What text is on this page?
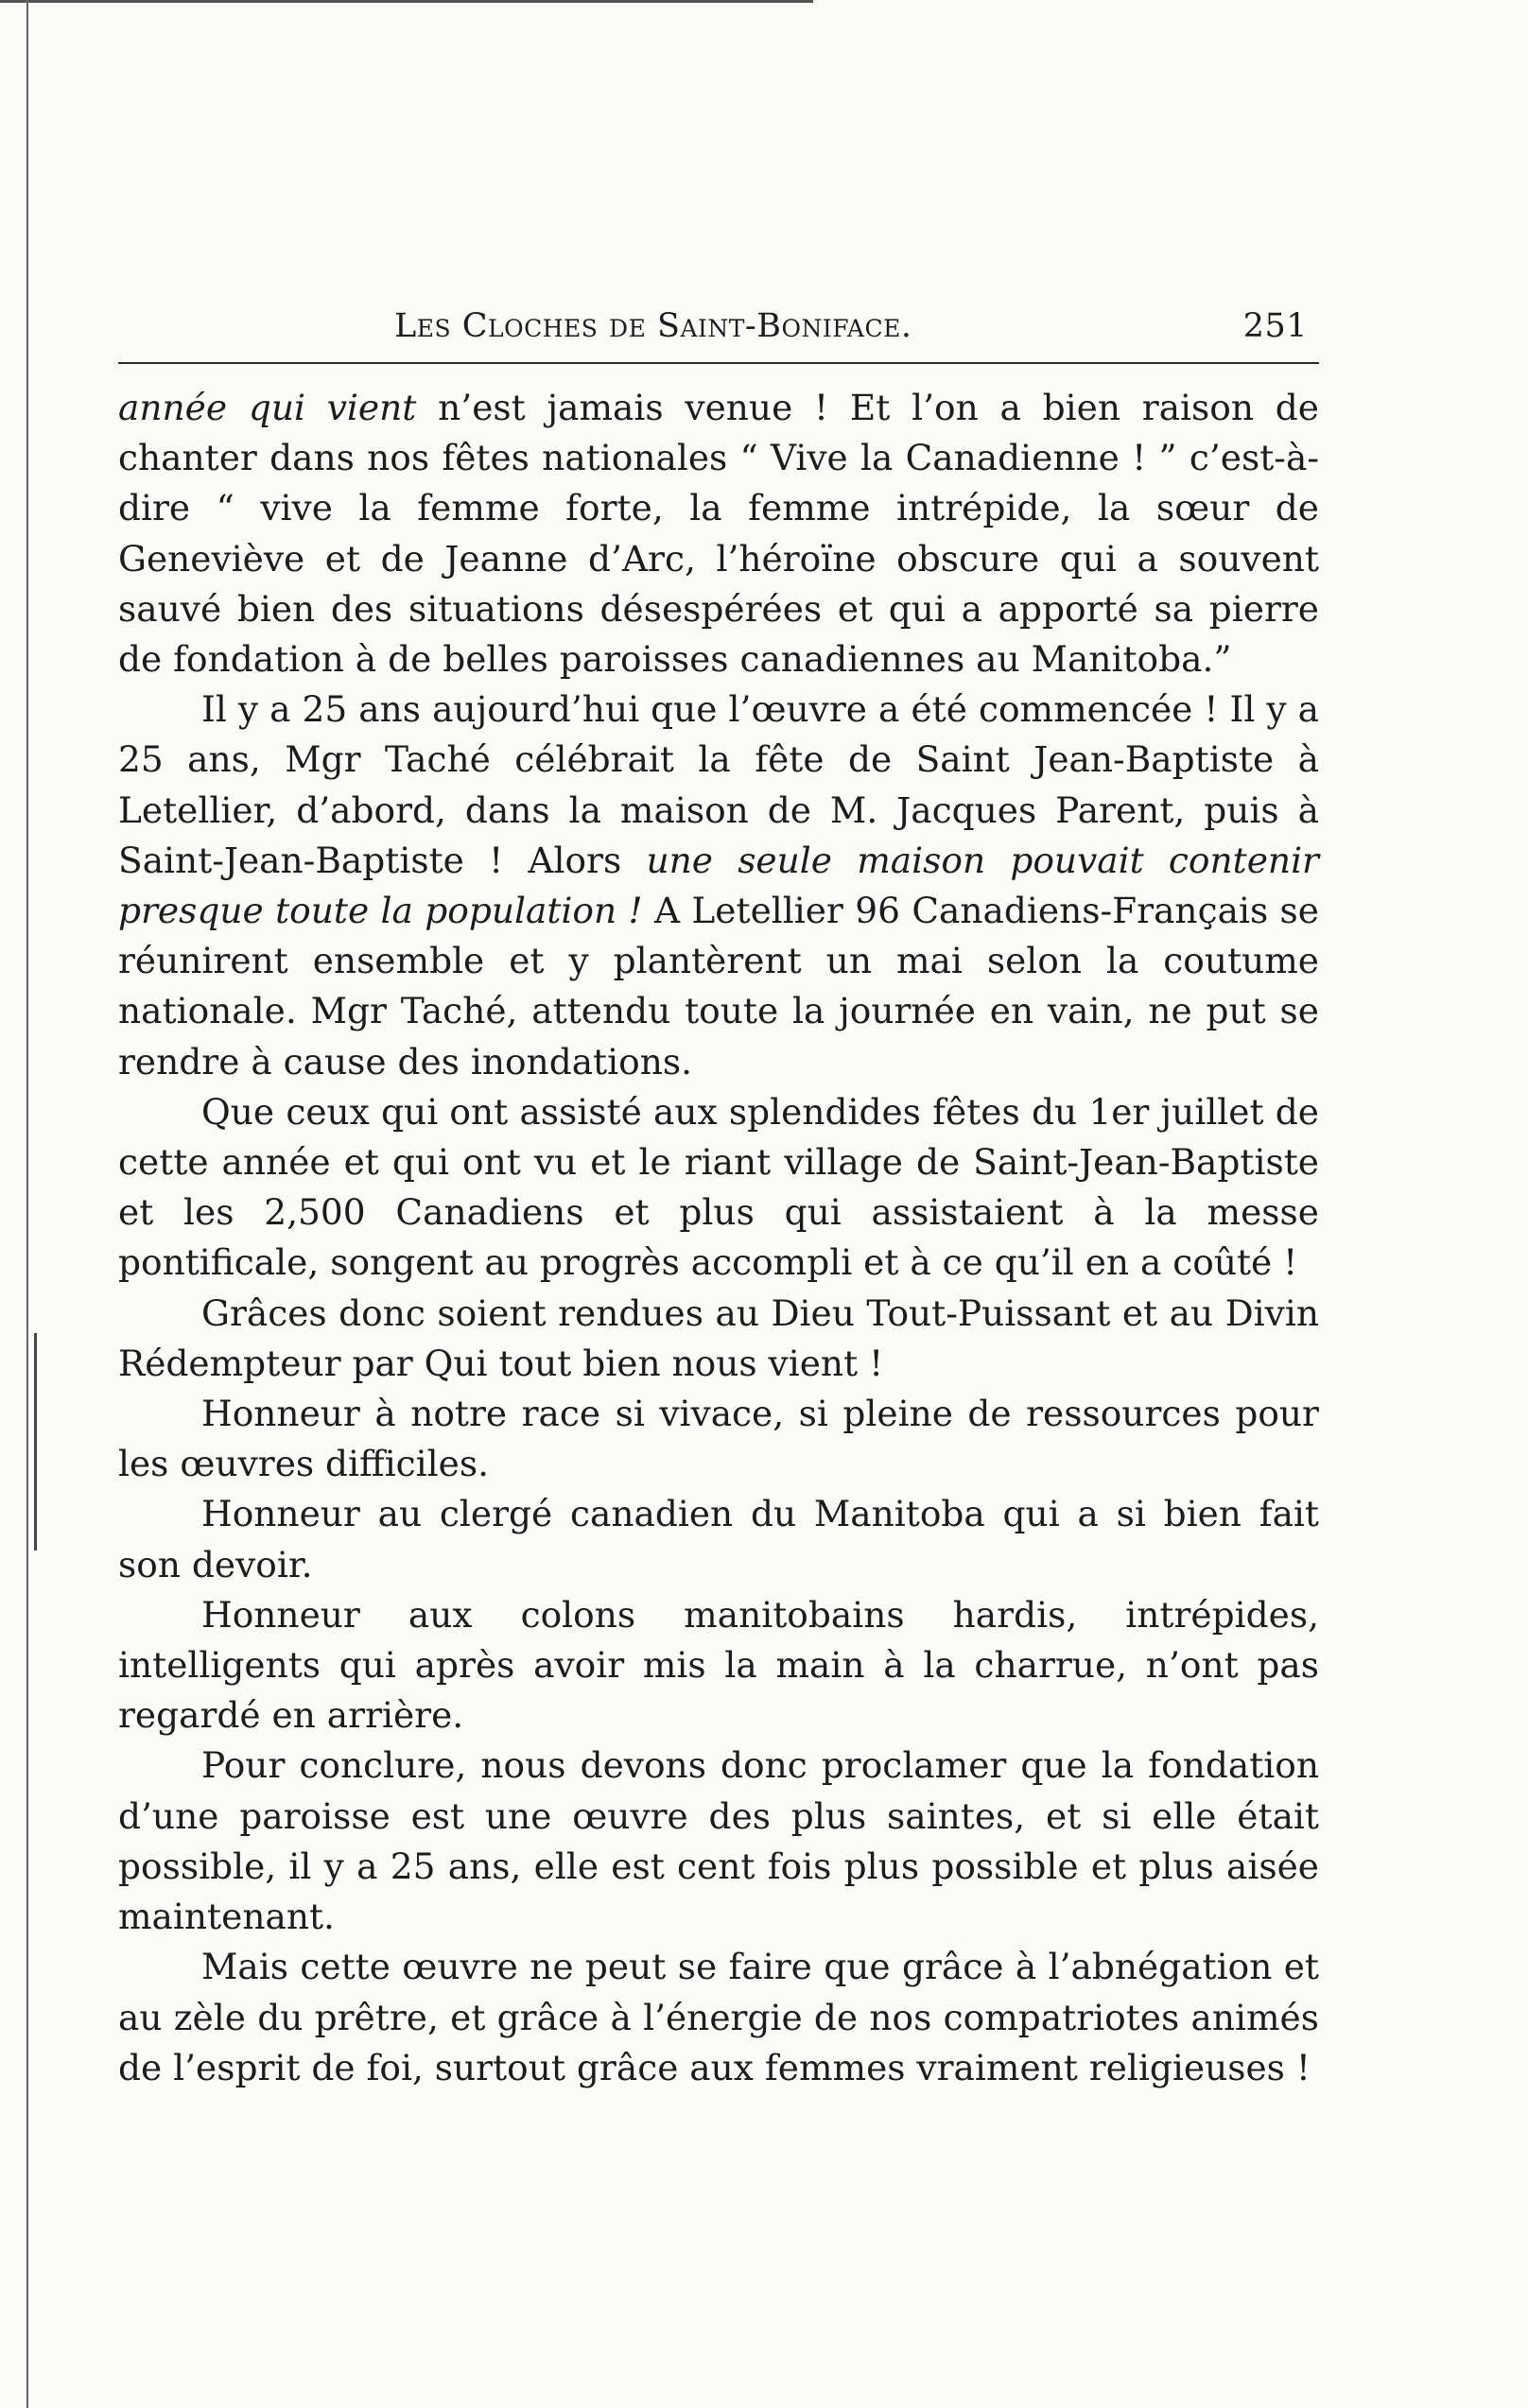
Les Cloches de Saint-Boniface.	251

année qui vient n’est jamais venue ! Et l’on a bien raison de chanter dans nos fêtes nationales “ Vive la Canadienne ! ” c’est-à-dire “ vive la femme forte, la femme intrépide, la sœur de Geneviève et de Jeanne d’Arc, l’héroïne obscure qui a souvent sauvé bien des situations désespérées et qui a apporté sa pierre de fondation à de belles paroisses canadiennes au Manitoba.”

Il y a 25 ans aujourd’hui que l’œuvre a été commencée ! Il y a 25 ans, Mgr Taché célébrait la fête de Saint Jean-Baptiste à Letellier, d’abord, dans la maison de M. Jacques Parent, puis à Saint-Jean-Baptiste ! Alors une seule maison pouvait contenir presque toute la population ! A Letellier 96 Canadiens-Français se réunirent ensemble et y plantèrent un mai selon la coutume nationale. Mgr Taché, attendu toute la journée en vain, ne put se rendre à cause des inondations.

Que ceux qui ont assisté aux splendides fêtes du 1er juillet de cette année et qui ont vu et le riant village de Saint-Jean-Baptiste et les 2,500 Canadiens et plus qui assistaient à la messe pontificale, songent au progrès accompli et à ce qu’il en a coûté !

Grâces donc soient rendues au Dieu Tout-Puissant et au Divin Rédempteur par Qui tout bien nous vient !

Honneur à notre race si vivace, si pleine de ressources pour les œuvres difficiles.

Honneur au clergé canadien du Manitoba qui a si bien fait son devoir.

Honneur aux colons manitobains hardis, intrépides, intelligents qui après avoir mis la main à la charrue, n’ont pas regardé en arrière.

Pour conclure, nous devons donc proclamer que la fondation d’une paroisse est une œuvre des plus saintes, et si elle était possible, il y a 25 ans, elle est cent fois plus possible et plus aisée maintenant.

Mais cette œuvre ne peut se faire que grâce à l’abnégation et au zèle du prêtre, et grâce à l’énergie de nos compatriotes animés de l’esprit de foi, surtout grâce aux femmes vraiment religieuses !
